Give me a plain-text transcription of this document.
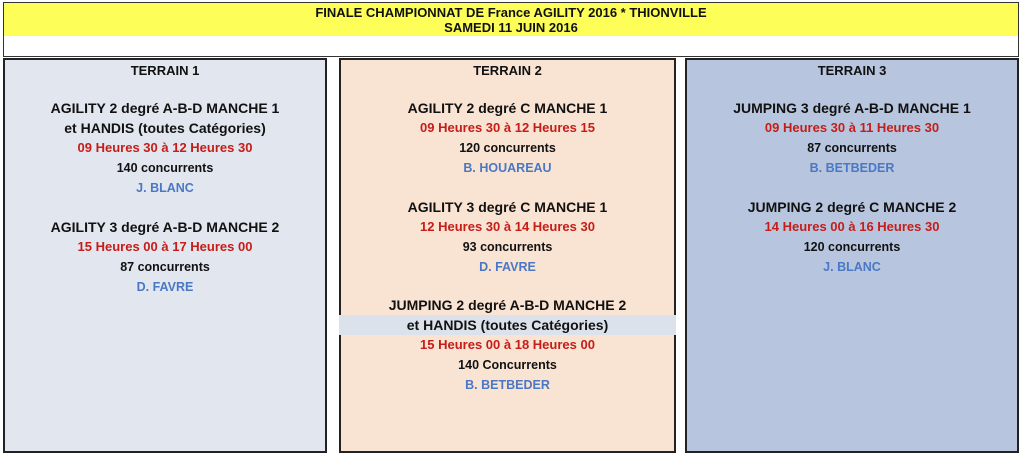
FINALE CHAMPIONNAT DE France AGILITY 2016 * THIONVILLE
SAMEDI 11 JUIN 2016
TERRAIN 1
AGILITY 2 degré A-B-D MANCHE 1
et HANDIS (toutes Catégories)
09 Heures 30 à 12 Heures 30
140 concurrents
J. BLANC
AGILITY 3 degré A-B-D MANCHE 2
15 Heures 00 à 17 Heures 00
87 concurrents
D. FAVRE
TERRAIN 2
AGILITY 2 degré C MANCHE 1
09 Heures 30 à 12 Heures 15
120 concurrents
B. HOUAREAU
AGILITY 3 degré C MANCHE 1
12 Heures 30 à 14 Heures 30
93 concurrents
D. FAVRE
JUMPING 2 degré A-B-D MANCHE 2
et HANDIS (toutes Catégories)
15 Heures 00 à 18 Heures 00
140 Concurrents
B. BETBEDER
TERRAIN 3
JUMPING 3 degré A-B-D MANCHE 1
09 Heures 30 à 11 Heures 30
87 concurrents
B. BETBEDER
JUMPING 2 degré C MANCHE 2
14 Heures 00 à 16 Heures 30
120 concurrents
J. BLANC
